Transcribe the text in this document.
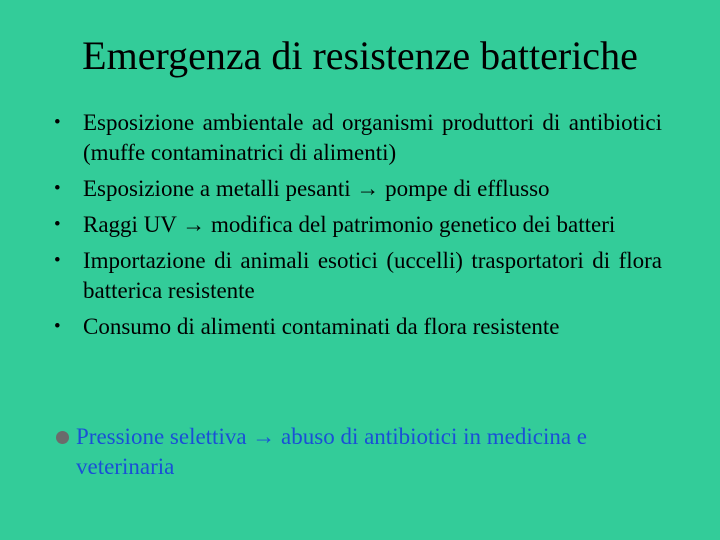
Emergenza di resistenze batteriche
• Esposizione ambientale ad organismi produttori di antibiotici (muffe contaminatrici di alimenti)
• Esposizione a metalli pesanti → pompe di efflusso
• Raggi UV → modifica del patrimonio genetico dei batteri
• Importazione di animali esotici (uccelli) trasportatori di flora batterica resistente
• Consumo di alimenti contaminati da flora resistente
Pressione selettiva → abuso di antibiotici in medicina e veterinaria
